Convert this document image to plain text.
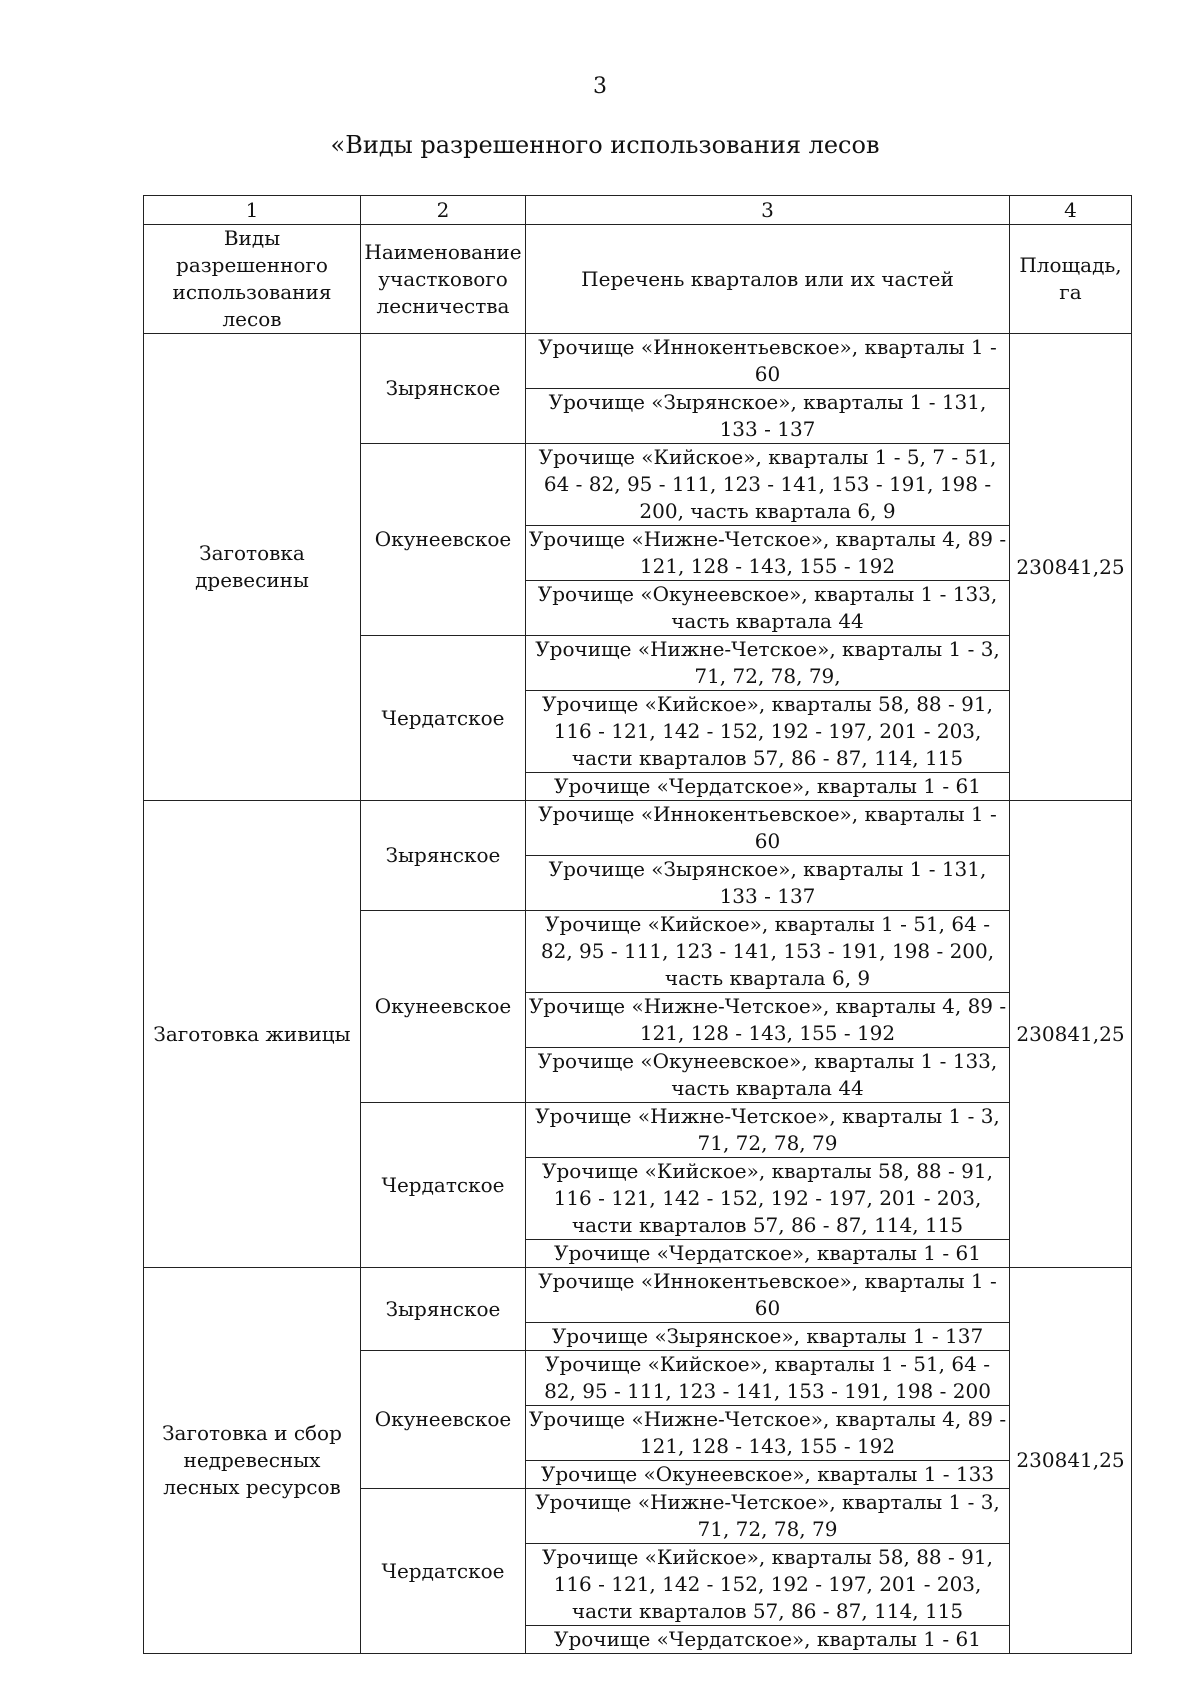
3
«Виды разрешенного использования лесов
1	2	3	4
Виды разрешенного использования лесов	Наименование участкового лесничества	Перечень кварталов или их частей	Площадь, га
Заготовка древесины	Зырянское	Урочище «Иннокентьевское», кварталы 1 - 60	230841,25
		Урочище «Зырянское», кварталы 1 - 131, 133 - 137	
	Окунеевское	Урочище «Кийское», кварталы 1 - 5, 7 - 51, 64 - 82, 95 - 111, 123 - 141, 153 - 191, 198 - 200, часть квартала 6, 9	
		Урочище «Нижне-Четское», кварталы 4, 89 - 121, 128 - 143, 155 - 192	
		Урочище «Окунеевское», кварталы 1 - 133, часть квартала 44	
	Чердатское	Урочище «Нижне-Четское», кварталы 1 - 3, 71, 72, 78, 79,	
		Урочище «Кийское», кварталы 58, 88 - 91, 116 - 121, 142 - 152, 192 - 197, 201 - 203, части кварталов 57, 86 - 87, 114, 115	
		Урочище «Чердатское», кварталы 1 - 61	
Заготовка живицы	Зырянское	Урочище «Иннокентьевское», кварталы 1 - 60	230841,25
		Урочище «Зырянское», кварталы 1 - 131, 133 - 137	
	Окунеевское	Урочище «Кийское», кварталы 1 - 51, 64 - 82, 95 - 111, 123 - 141, 153 - 191, 198 - 200, часть квартала 6, 9	
		Урочище «Нижне-Четское», кварталы 4, 89 - 121, 128 - 143, 155 - 192	
		Урочище «Окунеевское», кварталы 1 - 133, часть квартала 44	
	Чердатское	Урочище «Нижне-Четское», кварталы 1 - 3, 71, 72, 78, 79	
		Урочище «Кийское», кварталы 58, 88 - 91, 116 - 121, 142 - 152, 192 - 197, 201 - 203, части кварталов 57, 86 - 87, 114, 115	
		Урочище «Чердатское», кварталы 1 - 61	
Заготовка и сбор недревесных лесных ресурсов	Зырянское	Урочище «Иннокентьевское», кварталы 1 - 60	230841,25
		Урочище «Зырянское», кварталы 1 - 137	
	Окунеевское	Урочище «Кийское», кварталы 1 - 51, 64 - 82, 95 - 111, 123 - 141, 153 - 191, 198 - 200	
		Урочище «Нижне-Четское», кварталы 4, 89 - 121, 128 - 143, 155 - 192	
		Урочище «Окунеевское», кварталы 1 - 133	
	Чердатское	Урочище «Нижне-Четское», кварталы 1 - 3, 71, 72, 78, 79	
		Урочище «Кийское», кварталы 58, 88 - 91, 116 - 121, 142 - 152, 192 - 197, 201 - 203, части кварталов 57, 86 - 87, 114, 115	
		Урочище «Чердатское», кварталы 1 - 61	
